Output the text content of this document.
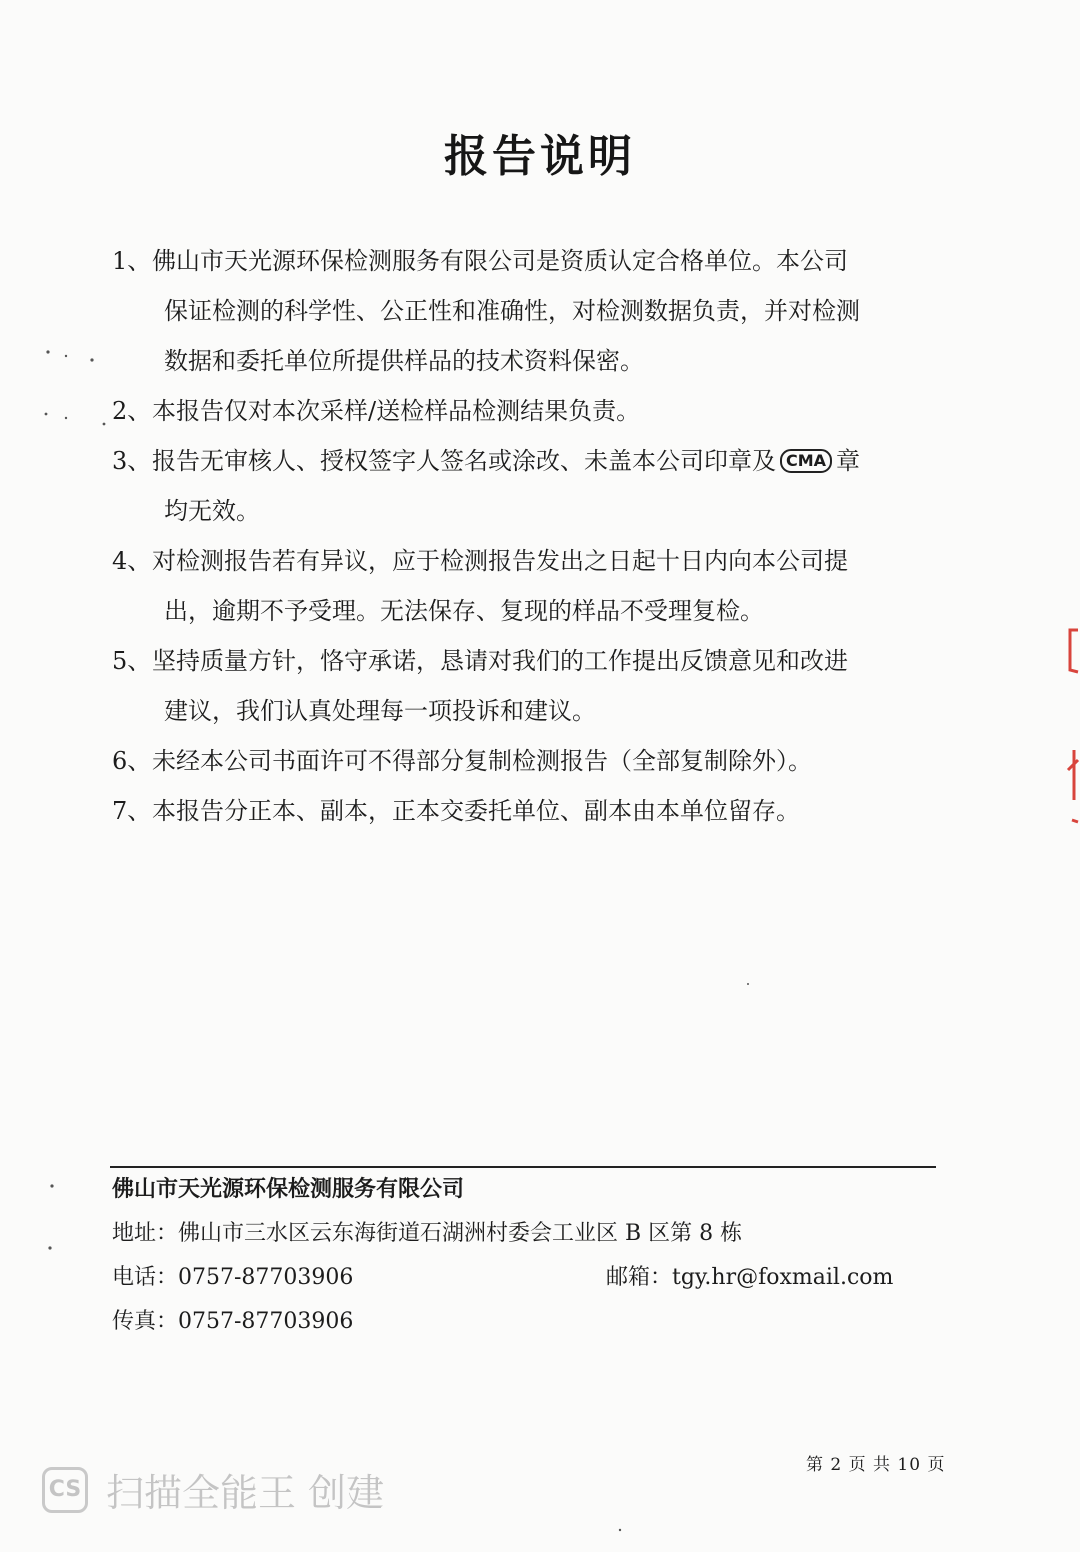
报告说明
1、 佛山市天光源环保检测服务有限公司是资质认定合格单位。本公司
保证检测的科学性、公正性和准确性，对检测数据负责，并对检测
数据和委托单位所提供样品的技术资料保密。
2、 本报告仅对本次采样/送检样品检测结果负责。
3、 报告无审核人、授权签字人签名或涂改、未盖本公司印章及 CMA 章
均无效。
4、 对检测报告若有异议，应于检测报告发出之日起十日内向本公司提
出，逾期不予受理。无法保存、复现的样品不受理复检。
5、 坚持质量方针，恪守承诺，恳请对我们的工作提出反馈意见和改进
建议，我们认真处理每一项投诉和建议。
6、 未经本公司书面许可不得部分复制检测报告（全部复制除外）。
7、 本报告分正本、副本，正本交委托单位、副本由本单位留存。
佛山市天光源环保检测服务有限公司
地址：佛山市三水区云东海街道石湖洲村委会工业区 B 区第 8 栋
电话：0757-87703906	邮箱：tgy.hr@foxmail.com
传真：0757-87703906
第 2 页 共 10 页
CS 扫描全能王 创建
